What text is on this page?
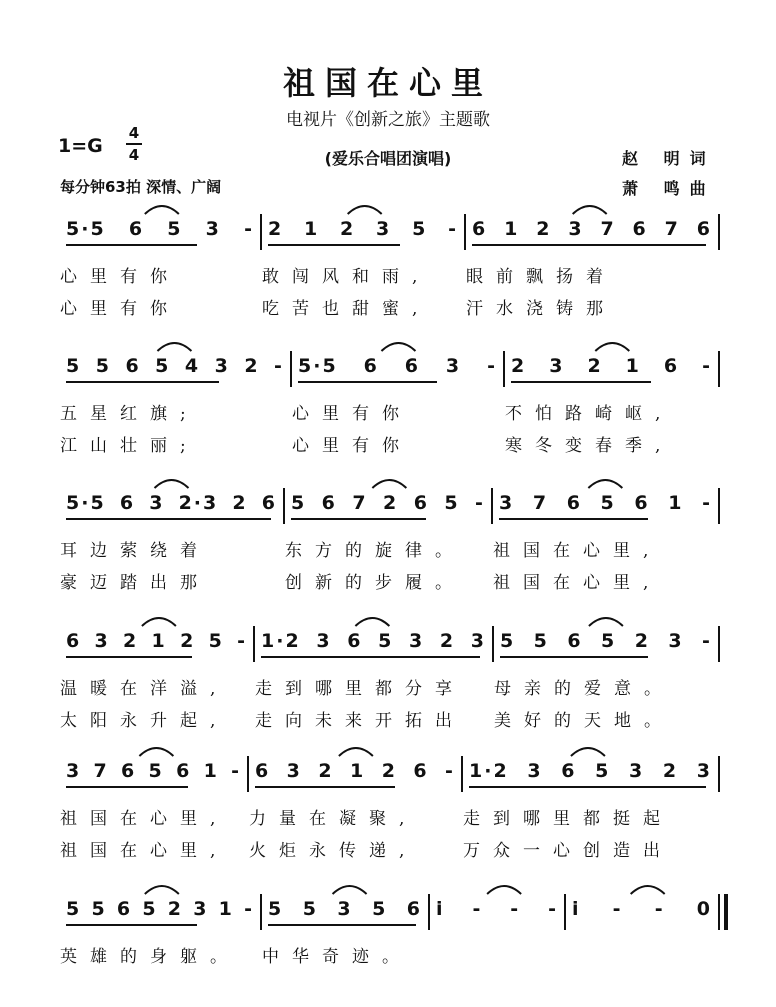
祖国在心里
电视片《创新之旅》主题歌
(爱乐合唱团演唱)
1=G
4
4
每分钟63拍 深情、广阔
赵 明词
萧 鸣曲
5·5 6 5 3 - 2 1 2 3 5 - 6 1 2 3 7 6 7 6
心里有你	敢闯风和雨, 眼前飘扬着
心里有你	吃苦也甜蜜, 汗水浇铸那
5 5 6 5 4 3 2 - 5·5 6 6 3 - 2 3 2 1 6 -
五星红旗;	心里有你	不怕路崎岖,
江山壮丽;	心里有你	寒冬变春季,
5·5 6 3 2·3 2 6 5 6 7 2 6 5 - 3 7 6 5 6 1 -
耳边萦绕着	东方的旋律。 祖国在心里,
豪迈踏出那	创新的步履。 祖国在心里,
6 3 2 1 2 5 - 1·2 3 6 5 3 2 3 5 5 6 5 2 3 -
温暖在洋溢, 走到哪里都分享 母亲的爱意。
太阳永升起, 走向未来开拓出 美好的天地。
3 7 6 5 6 1 - 6 3 2 1 2 6 - 1·2 3 6 5 3 2 3
祖国在心里, 力量在凝聚,	走到哪里都挺起
祖国在心里, 火炬永传递,	万众一心创造出
5 5 6 5 2 3 1 - 5 5 3 5 6 i - - - i - - 0
英雄的身躯。 中华奇迹。
